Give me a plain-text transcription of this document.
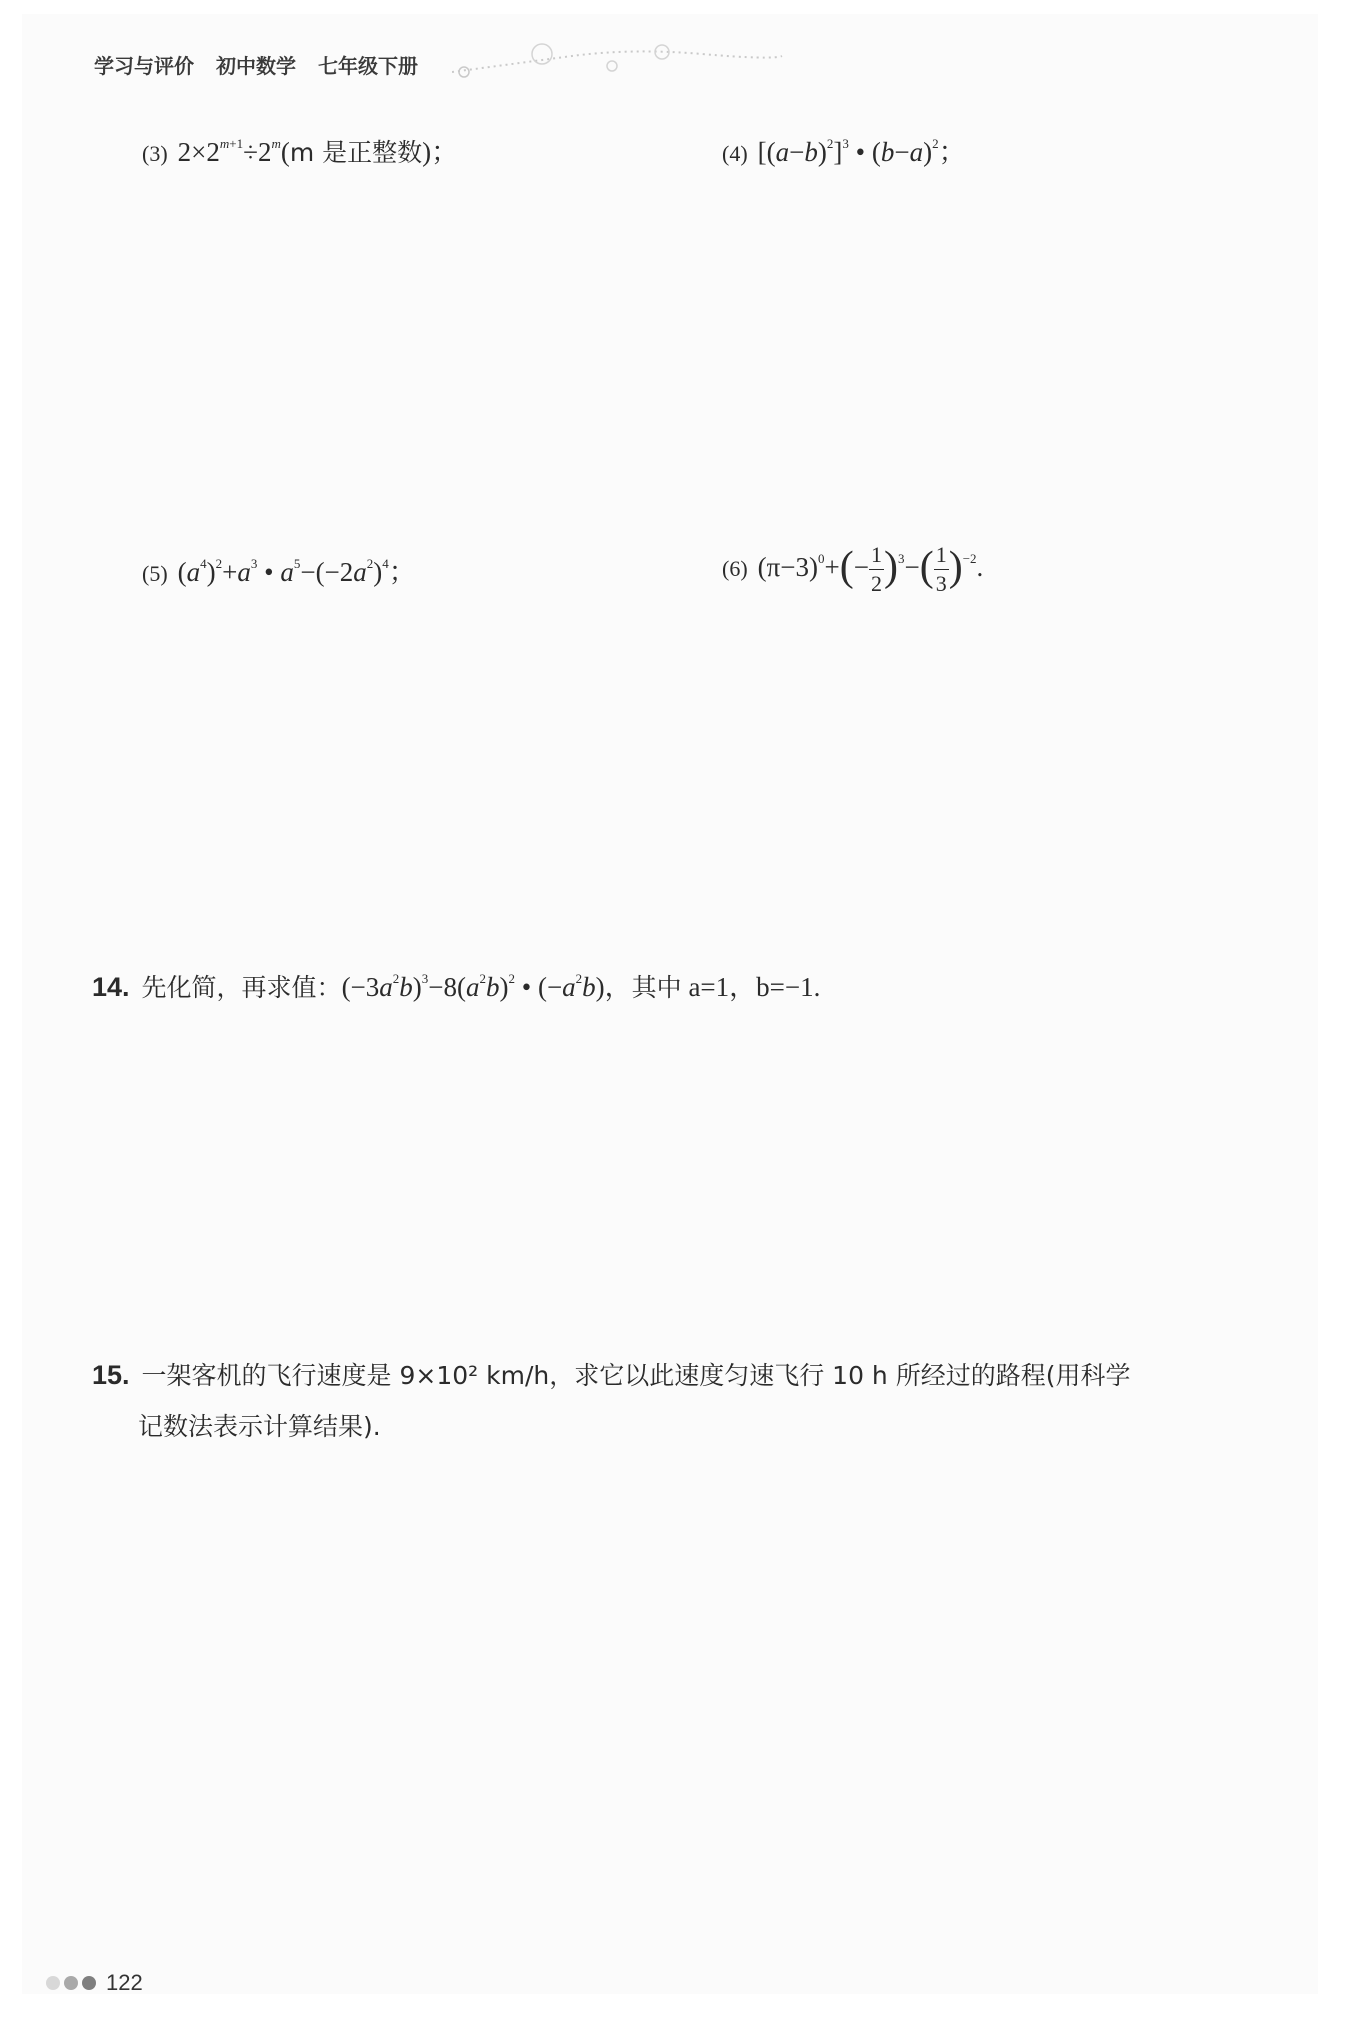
学习与评价 初中数学 七年级下册
(3) $2\times 2^{m+1}\div 2^m(m$ 是正整数)；	(4) $[(a-b)^2]^3$ • $(b-a)^2$；
(5) $(a^4)^2+a^3$ • $a^5-(-2a^2)^4$；	(6) $(\pi-3)^0+(- \frac{1}{2} )^3-( \frac{1}{3} )^{-2}$.
14. 先化简，再求值：$(-3a^2b)^3-8(a^2b)^2$ • $(-a^2b)$，其中 a=1，b=−1.
15. 一架客机的飞行速度是 9×10² km/h，求它以此速度匀速飞行 10 h 所经过的路程(用科学
记数法表示计算结果).
122
